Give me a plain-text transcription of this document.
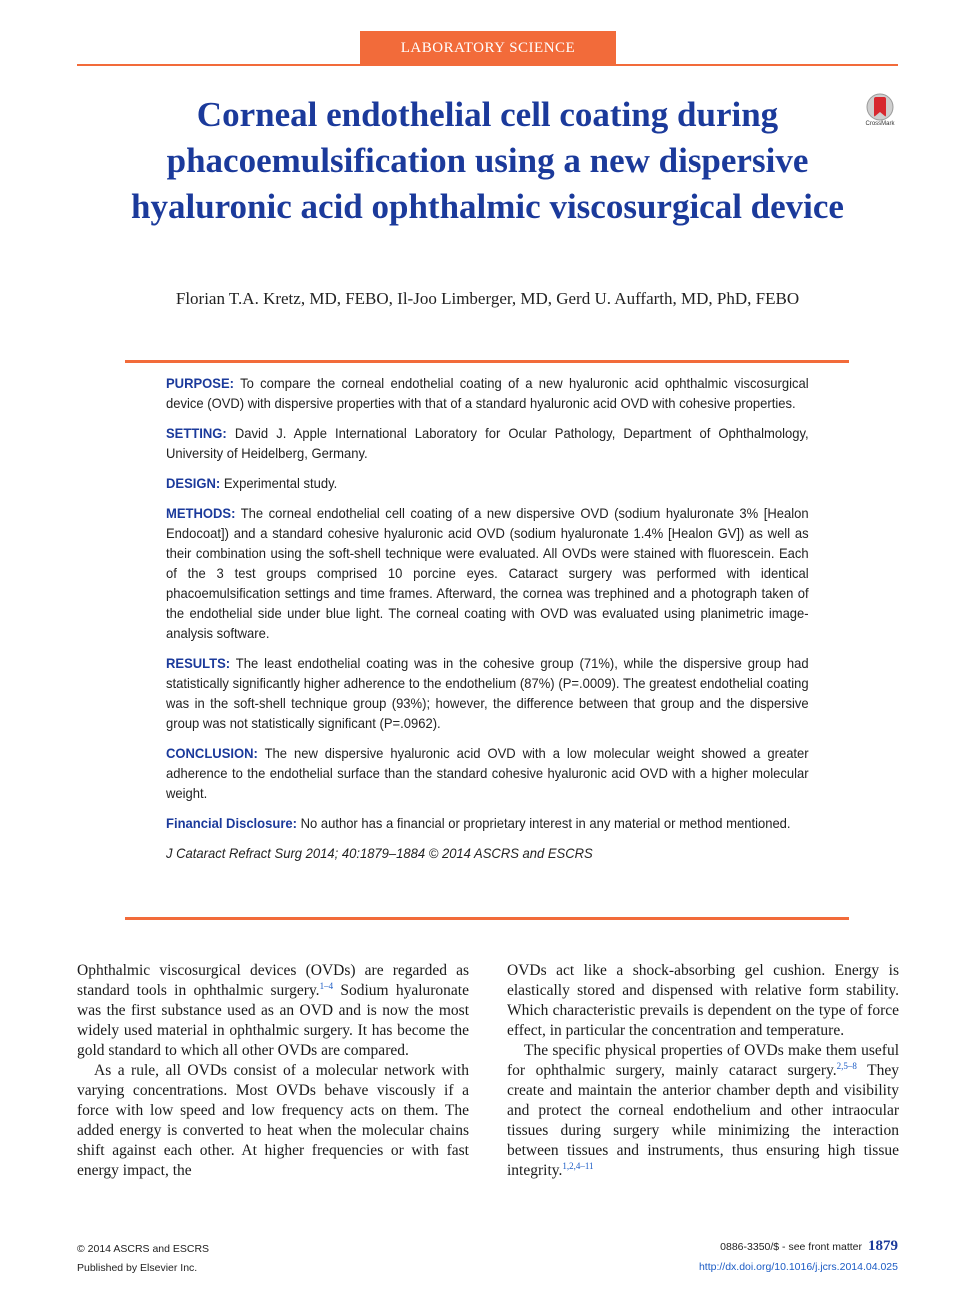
LABORATORY SCIENCE
Corneal endothelial cell coating during phacoemulsification using a new dispersive hyaluronic acid ophthalmic viscosurgical device
CrossMark
Florian T.A. Kretz, MD, FEBO, Il-Joo Limberger, MD, Gerd U. Auffarth, MD, PhD, FEBO

PURPOSE: To compare the corneal endothelial coating of a new hyaluronic acid ophthalmic viscosurgical device (OVD) with dispersive properties with that of a standard hyaluronic acid OVD with cohesive properties.

SETTING: David J. Apple International Laboratory for Ocular Pathology, Department of Ophthalmology, University of Heidelberg, Germany.

DESIGN: Experimental study.

METHODS: The corneal endothelial cell coating of a new dispersive OVD (sodium hyaluronate 3% [Healon Endocoat]) and a standard cohesive hyaluronic acid OVD (sodium hyaluronate 1.4% [Healon GV]) as well as their combination using the soft-shell technique were evaluated. All OVDs were stained with fluorescein. Each of the 3 test groups comprised 10 porcine eyes. Cataract surgery was performed with identical phacoemulsification settings and time frames. Afterward, the cornea was trephined and a photograph taken of the endothelial side under blue light. The corneal coating with OVD was evaluated using planimetric image-analysis software.

RESULTS: The least endothelial coating was in the cohesive group (71%), while the dispersive group had statistically significantly higher adherence to the endothelium (87%) (P=.0009). The greatest endothelial coating was in the soft-shell technique group (93%); however, the difference between that group and the dispersive group was not statistically significant (P=.0962).

CONCLUSION: The new dispersive hyaluronic acid OVD with a low molecular weight showed a greater adherence to the endothelial surface than the standard cohesive hyaluronic acid OVD with a higher molecular weight.

Financial Disclosure: No author has a financial or proprietary interest in any material or method mentioned.

J Cataract Refract Surg 2014; 40:1879–1884 © 2014 ASCRS and ESCRS

Ophthalmic viscosurgical devices (OVDs) are regarded as standard tools in ophthalmic surgery.$^{1-4}$ Sodium hyaluronate was the first substance used as an OVD and is now the most widely used material in ophthalmic surgery. It has become the gold standard to which all other OVDs are compared.

As a rule, all OVDs consist of a molecular network with varying concentrations. Most OVDs behave viscously if a force with low speed and low frequency acts on them. The added energy is converted to heat when the molecular chains shift against each other. At higher frequencies or with fast energy impact, the

OVDs act like a shock-absorbing gel cushion. Energy is elastically stored and dispensed with relative form stability. Which characteristic prevails is dependent on the type of force effect, in particular the concentration and temperature.

The specific physical properties of OVDs make them useful for ophthalmic surgery, mainly cataract surgery.$^{2,5-8}$ They create and maintain the anterior chamber depth and visibility and protect the corneal endothelium and other intraocular tissues during surgery while minimizing the interaction between tissues and instruments, thus ensuring high tissue integrity.$^{1,2,4-11}$

© 2014 ASCRS and ESCRS
Published by Elsevier Inc.
0886-3350/$ - see front matter 1879
http://dx.doi.org/10.1016/j.jcrs.2014.04.025
